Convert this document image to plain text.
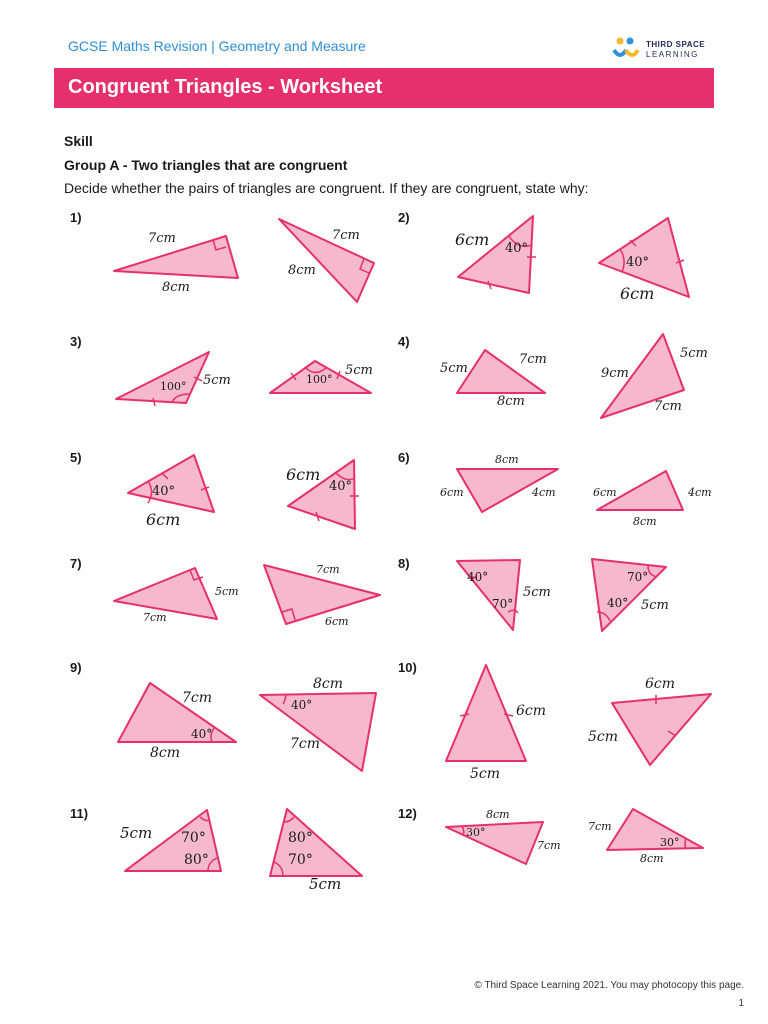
GCSE Maths Revision | Geometry and Measure	THIRD SPACE
LEARNING
Congruent Triangles - Worksheet
Skill
Group A - Two triangles that are congruent
Decide whether the pairs of triangles are congruent. If they are congruent, state why:
1)	2)
3)	4)
5)	6)
7)	8)
9)	10)
11)	12)
7cm
8cm
7cm
8cm
6cm 40°
40°
6cm
100° 5cm	100°
5cm	5cm
7cm
8cm
9cm
5cm
7cm
40°
6cm
6cm
40°
8cm
6cm	4cm	6cm	4cm
8cm
5cm
7cm
7cm
6cm
40°
70°
5cm
70°
40° 5cm
7cm
40°
8cm
8cm
40°
7cm
6cm
5cm
6cm
5cm
5cm 70°
80°
80°
70°
5cm
8cm
30°
7cm
7cm
30°
8cm
© Third Space Learning 2021. You may photocopy this page.
1
